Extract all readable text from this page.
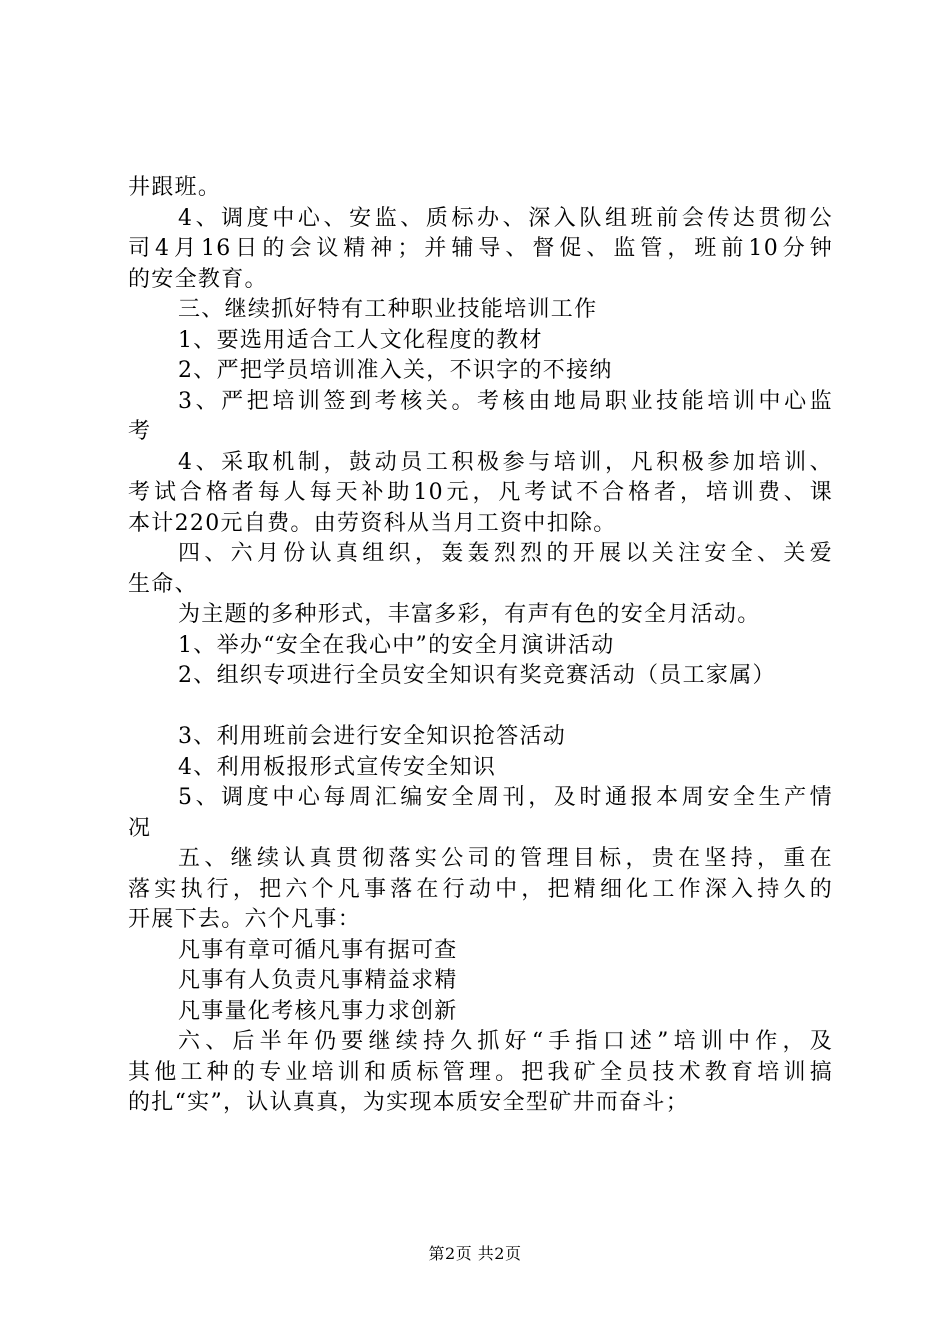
井跟班。
4、调度中心、安监、质标办、深入队组班前会传达贯彻公
司4月16日的会议精神；并辅导、督促、监管，班前10分钟
的安全教育。
三、继续抓好特有工种职业技能培训工作
1、要选用适合工人文化程度的教材
2、严把学员培训准入关，不识字的不接纳
3、严把培训签到考核关。考核由地局职业技能培训中心监
考
4、采取机制，鼓动员工积极参与培训，凡积极参加培训、
考试合格者每人每天补助10元，凡考试不合格者，培训费、课
本计220元自费。由劳资科从当月工资中扣除。
四、六月份认真组织，轰轰烈烈的开展以关注安全、关爱
生命、
为主题的多种形式，丰富多彩，有声有色的安全月活动。
1、举办“安全在我心中”的安全月演讲活动
2、组织专项进行全员安全知识有奖竞赛活动（员工家属）
3、利用班前会进行安全知识抢答活动
4、利用板报形式宣传安全知识
5、调度中心每周汇编安全周刊，及时通报本周安全生产情
况
五、继续认真贯彻落实公司的管理目标，贵在坚持，重在
落实执行，把六个凡事落在行动中，把精细化工作深入持久的
开展下去。六个凡事：
凡事有章可循凡事有据可查
凡事有人负责凡事精益求精
凡事量化考核凡事力求创新
六、后半年仍要继续持久抓好“手指口述”培训中作，及
其他工种的专业培训和质标管理。把我矿全员技术教育培训搞
的扎“实”，认认真真，为实现本质安全型矿井而奋斗；
第2页 共2页
